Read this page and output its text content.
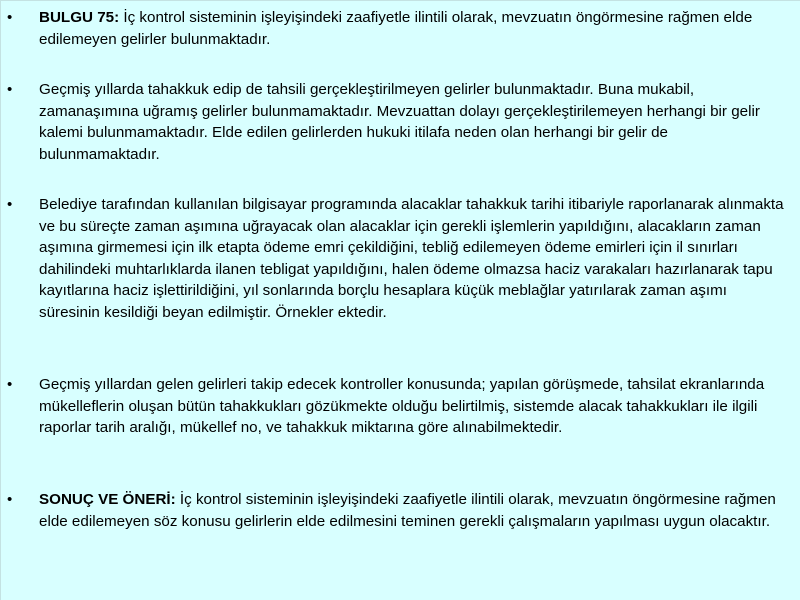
• BULGU 75: İç kontrol sisteminin işleyişindeki zaafiyetle ilintili olarak, mevzuatın öngörmesine rağmen elde edilemeyen gelirler bulunmaktadır.
• Geçmiş yıllarda tahakkuk edip de tahsili gerçekleştirilmeyen gelirler bulunmaktadır. Buna mukabil, zamanaşımına uğramış gelirler bulunmamaktadır. Mevzuattan dolayı gerçekleştirilemeyen herhangi bir gelir kalemi bulunmamaktadır. Elde edilen gelirlerden hukuki itilafa neden olan herhangi bir gelir de bulunmamaktadır.
• Belediye tarafından kullanılan bilgisayar programında alacaklar tahakkuk tarihi itibariyle raporlanarak alınmakta ve bu süreçte zaman aşımına uğrayacak olan alacaklar için gerekli işlemlerin yapıldığını, alacakların zaman aşımına girmemesi için ilk etapta ödeme emri çekildiğini, tebliğ edilemeyen ödeme emirleri için il sınırları dahilindeki muhtarlıklarda ilanen tebligat yapıldığını, halen ödeme olmazsa haciz varakaları hazırlanarak tapu kayıtlarına haciz işlettirildiğini, yıl sonlarında borçlu hesaplara küçük meblağlar yatırılarak zaman aşımı süresinin kesildiği beyan edilmiştir. Örnekler ektedir.
• Geçmiş yıllardan gelen gelirleri takip edecek kontroller konusunda; yapılan görüşmede, tahsilat ekranlarında mükelleflerin oluşan bütün tahakkukları gözükmekte olduğu belirtilmiş, sistemde alacak tahakkukları ile ilgili raporlar tarih aralığı, mükellef no, ve tahakkuk miktarına göre alınabilmektedir.
• SONUÇ VE ÖNERİ: İç kontrol sisteminin işleyişindeki zaafiyetle ilintili olarak, mevzuatın öngörmesine rağmen elde edilemeyen söz konusu gelirlerin elde edilmesini teminen gerekli çalışmaların yapılması uygun olacaktır.
